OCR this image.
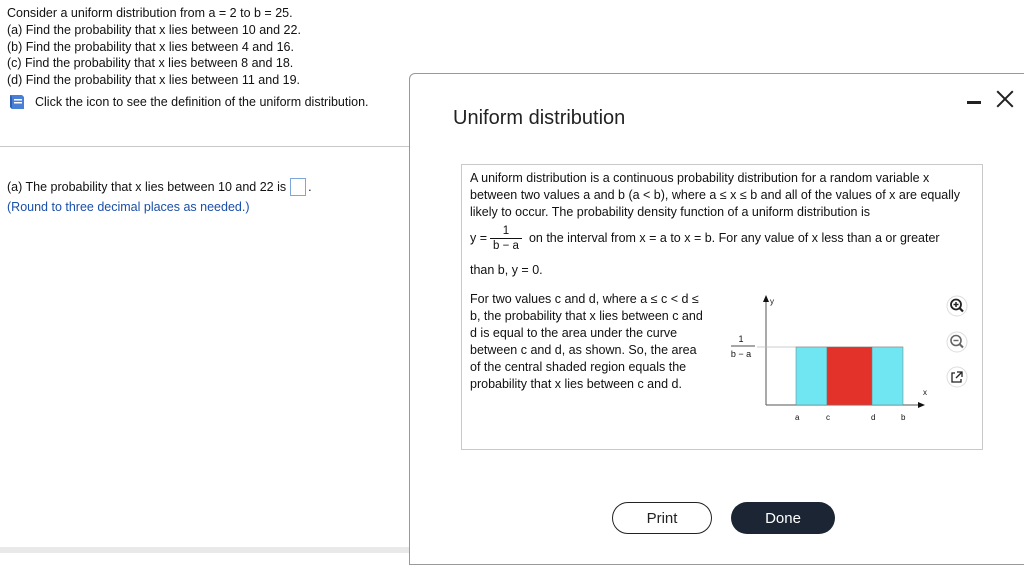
Consider a uniform distribution from a = 2 to b = 25.
(a) Find the probability that x lies between 10 and 22.
(b) Find the probability that x lies between 4 and 16.
(c) Find the probability that x lies between 8 and 18.
(d) Find the probability that x lies between 11 and 19.
Click the icon to see the definition of the uniform distribution.
(a) The probability that x lies between 10 and 22 is .
(Round to three decimal places as needed.)
Uniform distribution
A uniform distribution is a continuous probability distribution for a random variable x between two values a and b (a < b), where a ≤ x ≤ b and all of the values of x are equally likely to occur. The probability density function of a uniform distribution is
$y = \frac{1}{b - a}$ on the interval from x = a to x = b. For any value of x less than a or greater
than b, y = 0.
For two values c and d, where a ≤ c < d ≤ b, the probability that x lies between c and d is equal to the area under the curve between c and d, as shown. So, the area of the central shaded region equals the probability that x lies between c and d.
y
x
1
b − a
a	c	d	b
Print	Done
